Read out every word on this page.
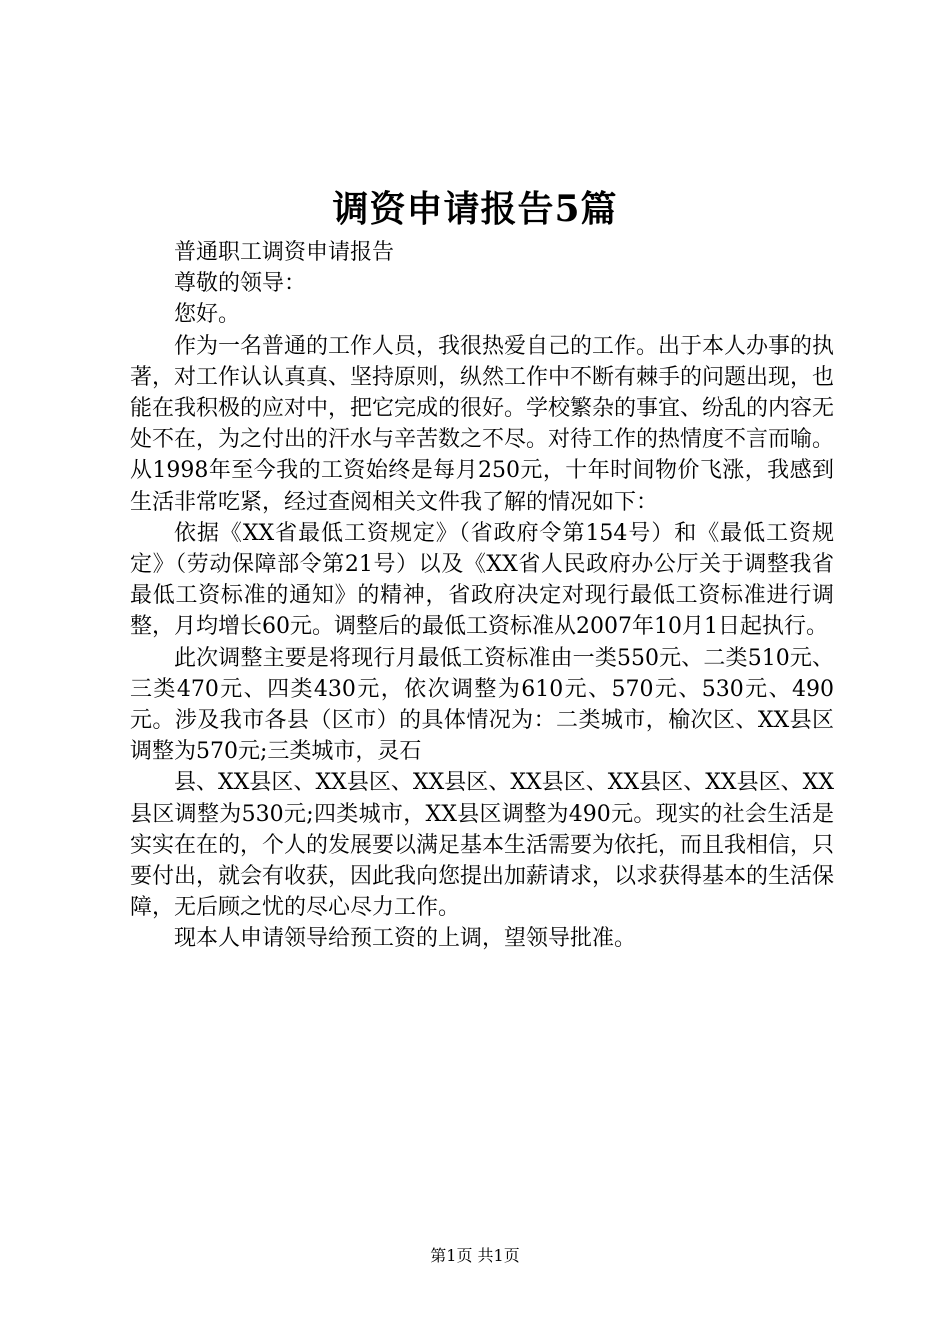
调资申请报告5篇

普通职工调资申请报告

尊敬的领导：

您好。

作为一名普通的工作人员，我很热爱自己的工作。出于本人办事的执著，对工作认认真真、坚持原则，纵然工作中不断有棘手的问题出现，也能在我积极的应对中，把它完成的很好。学校繁杂的事宜、纷乱的内容无处不在，为之付出的汗水与辛苦数之不尽。对待工作的热情度不言而喻。从1998年至今我的工资始终是每月250元，十年时间物价飞涨，我感到生活非常吃紧，经过查阅相关文件我了解的情况如下：

依据《XX省最低工资规定》（省政府令第154号）和《最低工资规定》（劳动保障部令第21号）以及《XX省人民政府办公厅关于调整我省最低工资标准的通知》的精神，省政府决定对现行最低工资标准进行调整，月均增长60元。调整后的最低工资标准从2007年10月1日起执行。

此次调整主要是将现行月最低工资标准由一类550元、二类510元、三类470元、四类430元，依次调整为610元、570元、530元、490元。涉及我市各县（区市）的具体情况为：二类城市，榆次区、XX县区调整为570元;三类城市，灵石

县、XX县区、XX县区、XX县区、XX县区、XX县区、XX县区、XX县区调整为530元;四类城市，XX县区调整为490元。现实的社会生活是实实在在的，个人的发展要以满足基本生活需要为依托，而且我相信，只要付出，就会有收获，因此我向您提出加薪请求，以求获得基本的生活保障，无后顾之忧的尽心尽力工作。

现本人申请领导给预工资的上调，望领导批准。

第1页 共1页
